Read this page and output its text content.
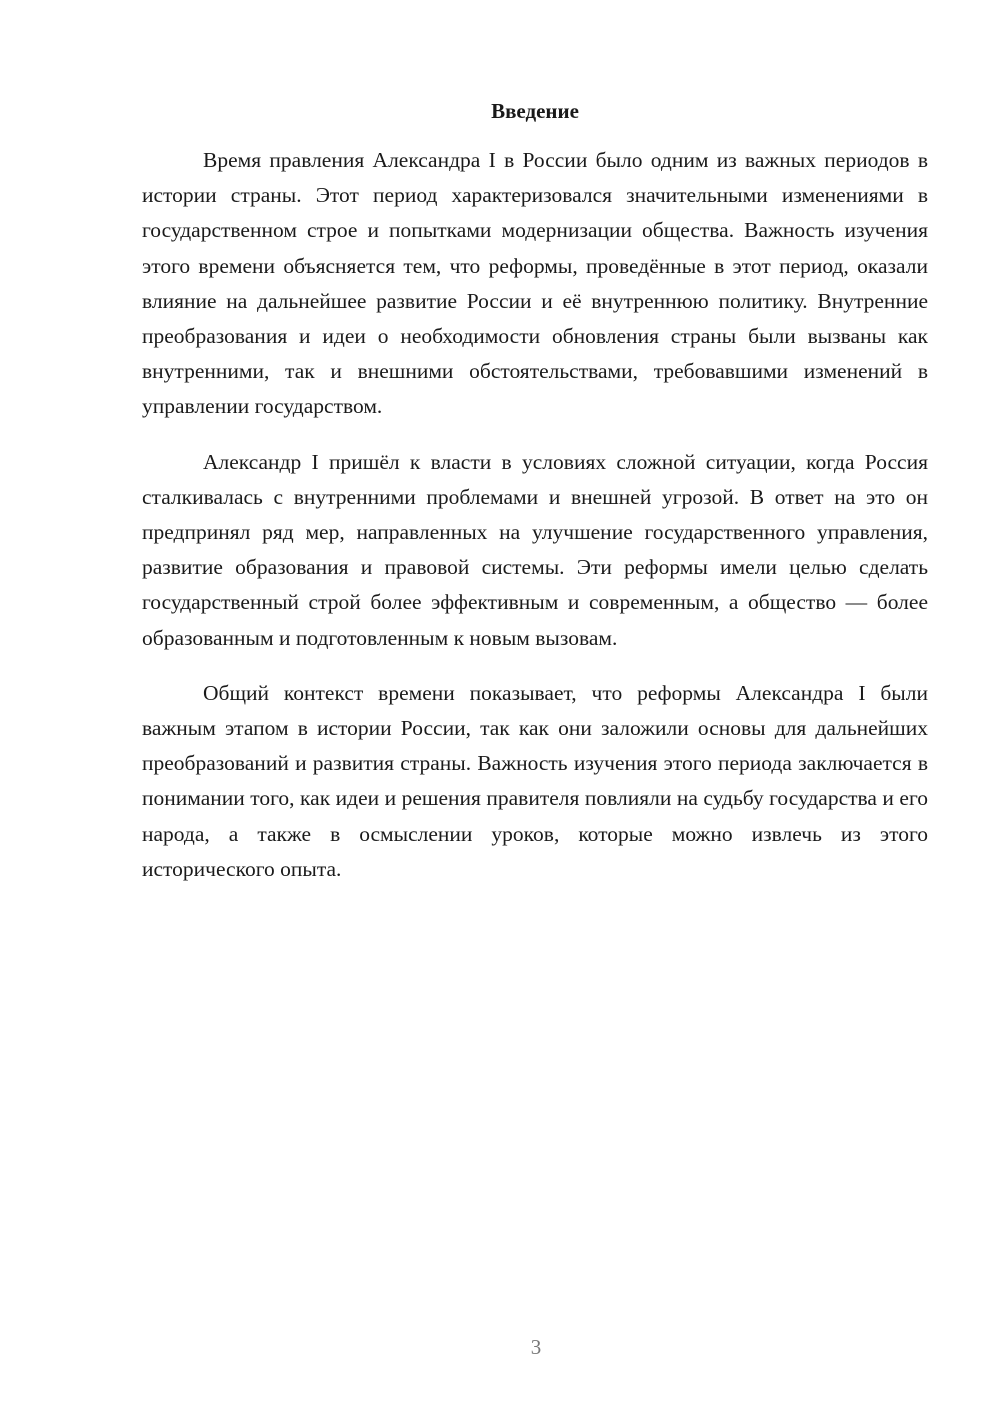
Введение

Время правления Александра I в России было одним из важных периодов в истории страны. Этот период характеризовался значительными изменениями в государственном строе и попытками модернизации общества. Важность изучения этого времени объясняется тем, что реформы, проведённые в этот период, оказали влияние на дальнейшее развитие России и её внутреннюю политику. Внутренние преобразования и идеи о необходимости обновления страны были вызваны как внутренними, так и внешними обстоятельствами, требовавшими изменений в управлении государством.

Александр I пришёл к власти в условиях сложной ситуации, когда Россия сталкивалась с внутренними проблемами и внешней угрозой. В ответ на это он предпринял ряд мер, направленных на улучшение государственного управления, развитие образования и правовой системы. Эти реформы имели целью сделать государственный строй более эффективным и современным, а общество — более образованным и подготовленным к новым вызовам.

Общий контекст времени показывает, что реформы Александра I были важным этапом в истории России, так как они заложили основы для дальнейших преобразований и развития страны. Важность изучения этого периода заключается в понимании того, как идеи и решения правителя повлияли на судьбу государства и его народа, а также в осмыслении уроков, которые можно извлечь из этого исторического опыта.

3
